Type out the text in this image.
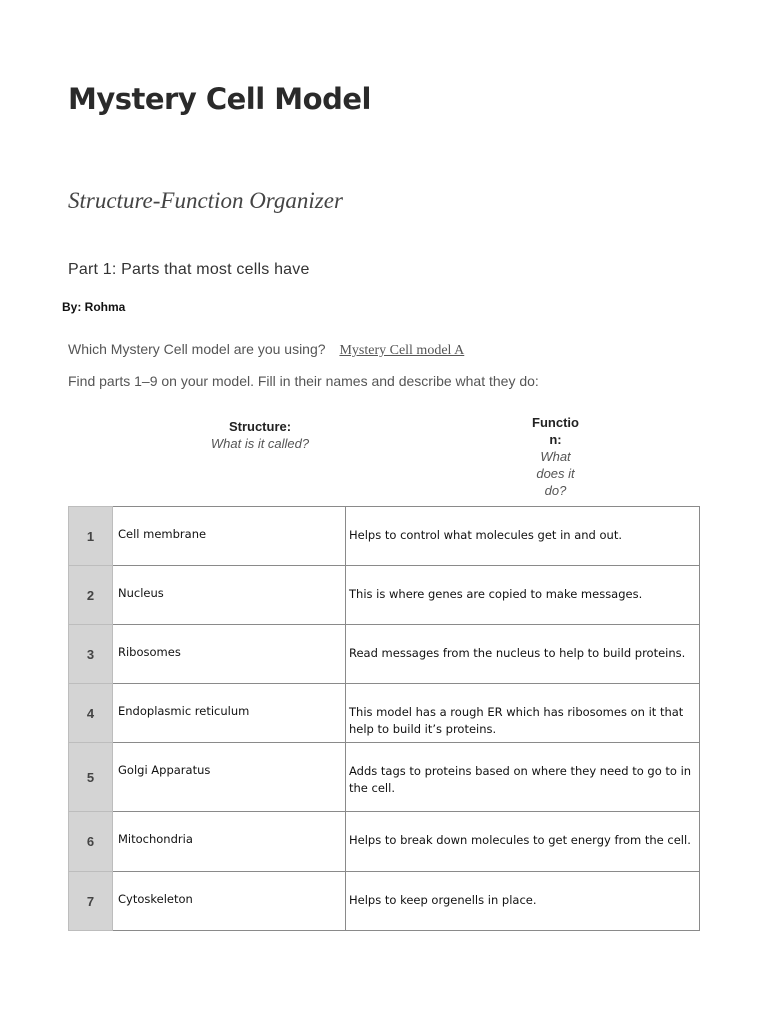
Mystery Cell Model
Structure-Function Organizer
Part 1: Parts that most cells have
By: Rohma
Which Mystery Cell model are you using? Mystery Cell model A
Find parts 1–9 on your model. Fill in their names and describe what they do:
Structure:
What is it called?
Function:
What does it do?
1	Cell membrane	Helps to control what molecules get in and out.
2	Nucleus	This is where genes are copied to make messages.
3	Ribosomes	Read messages from the nucleus to help to build proteins.
4	Endoplasmic reticulum	This model has a rough ER which has ribosomes on it that help to build it’s proteins.
5	Golgi Apparatus	Adds tags to proteins based on where they need to go to in the cell.
6	Mitochondria	Helps to break down molecules to get energy from the cell.
7	Cytoskeleton	Helps to keep orgenells in place.
